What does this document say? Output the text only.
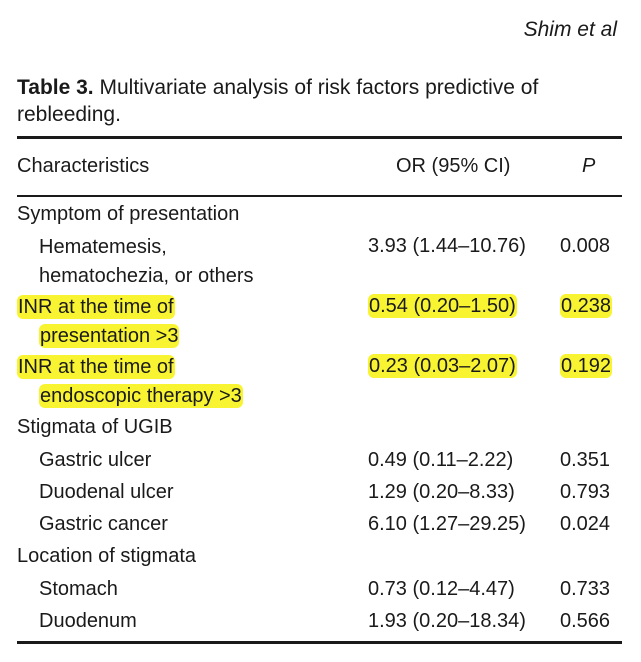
Shim et al
Table 3. Multivariate analysis of risk factors predictive of rebleeding.
Characteristics	OR (95% CI)	P
Symptom of presentation
Hematemesis,
hematochezia, or others
3.93 (1.44–10.76) 0.008
INR at the time of
presentation >3
0.54 (0.20–1.50) 0.238
INR at the time of
endoscopic therapy >3
0.23 (0.03–2.07) 0.192
Stigmata of UGIB
Gastric ulcer	0.49 (0.11–2.22) 0.351
Duodenal ulcer	1.29 (0.20–8.33) 0.793
Gastric cancer	6.10 (1.27–29.25) 0.024
Location of stigmata
Stomach	0.73 (0.12–4.47) 0.733
Duodenum	1.93 (0.20–18.34) 0.566
